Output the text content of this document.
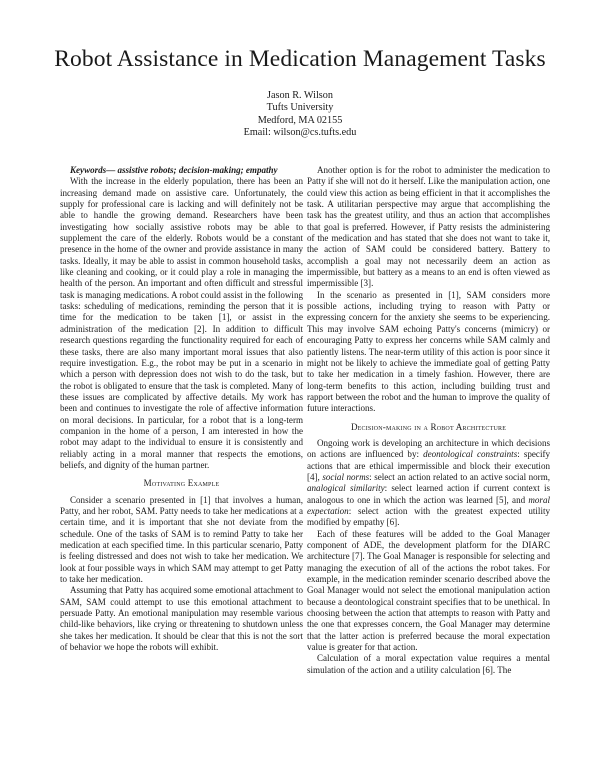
Robot Assistance in Medication Management Tasks
Jason R. Wilson
Tufts University
Medford, MA 02155
Email: wilson@cs.tufts.edu

Keywords— assistive robots; decision-making; empathy

With the increase in the elderly population, there has been an increasing demand made on assistive care. Unfortunately, the supply for professional care is lacking and will definitely not be able to handle the growing demand. Researchers have been investigating how socially assistive robots may be able to supplement the care of the elderly. Robots would be a constant presence in the home of the owner and provide assistance in many tasks. Ideally, it may be able to assist in common household tasks, like cleaning and cooking, or it could play a role in managing the health of the person. An important and often difficult and stressful task is managing medications. A robot could assist in the following tasks: scheduling of medications, reminding the person that it is time for the medication to be taken [1], or assist in the administration of the medication [2]. In addition to difficult research questions regarding the functionality required for each of these tasks, there are also many important moral issues that also require investigation. E.g., the robot may be put in a scenario in which a person with depression does not wish to do the task, but the robot is obligated to ensure that the task is completed. Many of these issues are complicated by affective details. My work has been and continues to investigate the role of affective information on moral decisions. In particular, for a robot that is a long-term companion in the home of a person, I am interested in how the robot may adapt to the individual to ensure it is consistently and reliably acting in a moral manner that respects the emotions, beliefs, and dignity of the human partner.

Motivating Example

Consider a scenario presented in [1] that involves a human, Patty, and her robot, SAM. Patty needs to take her medications at a certain time, and it is important that she not deviate from the schedule. One of the tasks of SAM is to remind Patty to take her medication at each specified time. In this particular scenario, Patty is feeling distressed and does not wish to take her medication. We look at four possible ways in which SAM may attempt to get Patty to take her medication.

Assuming that Patty has acquired some emotional attachment to SAM, SAM could attempt to use this emotional attachment to persuade Patty. An emotional manipulation may resemble various child-like behaviors, like crying or threatening to shutdown unless she takes her medication. It should be clear that this is not the sort of behavior we hope the robots will exhibit.

Another option is for the robot to administer the medication to Patty if she will not do it herself. Like the manipulation action, one could view this action as being efficient in that it accomplishes the task. A utilitarian perspective may argue that accomplishing the task has the greatest utility, and thus an action that accomplishes that goal is preferred. However, if Patty resists the administering of the medication and has stated that she does not want to take it, the action of SAM could be considered battery. Battery to accomplish a goal may not necessarily deem an action as impermissible, but battery as a means to an end is often viewed as impermissible [3].

In the scenario as presented in [1], SAM considers more possible actions, including trying to reason with Patty or expressing concern for the anxiety she seems to be experiencing. This may involve SAM echoing Patty's concerns (mimicry) or encouraging Patty to express her concerns while SAM calmly and patiently listens. The near-term utility of this action is poor since it might not be likely to achieve the immediate goal of getting Patty to take her medication in a timely fashion. However, there are long-term benefits to this action, including building trust and rapport between the robot and the human to improve the quality of future interactions.

Decision-making in a Robot Architecture

Ongoing work is developing an architecture in which decisions on actions are influenced by: deontological constraints: specify actions that are ethical impermissible and block their execution [4], social norms: select an action related to an active social norm, analogical similarity: select learned action if current context is analogous to one in which the action was learned [5], and moral expectation: select action with the greatest expected utility modified by empathy [6].

Each of these features will be added to the Goal Manager component of ADE, the development platform for the DIARC architecture [7]. The Goal Manager is responsible for selecting and managing the execution of all of the actions the robot takes. For example, in the medication reminder scenario described above the Goal Manager would not select the emotional manipulation action because a deontological constraint specifies that to be unethical. In choosing between the action that attempts to reason with Patty and the one that expresses concern, the Goal Manager may determine that the latter action is preferred because the moral expectation value is greater for that action.

Calculation of a moral expectation value requires a mental simulation of the action and a utility calculation [6]. The
